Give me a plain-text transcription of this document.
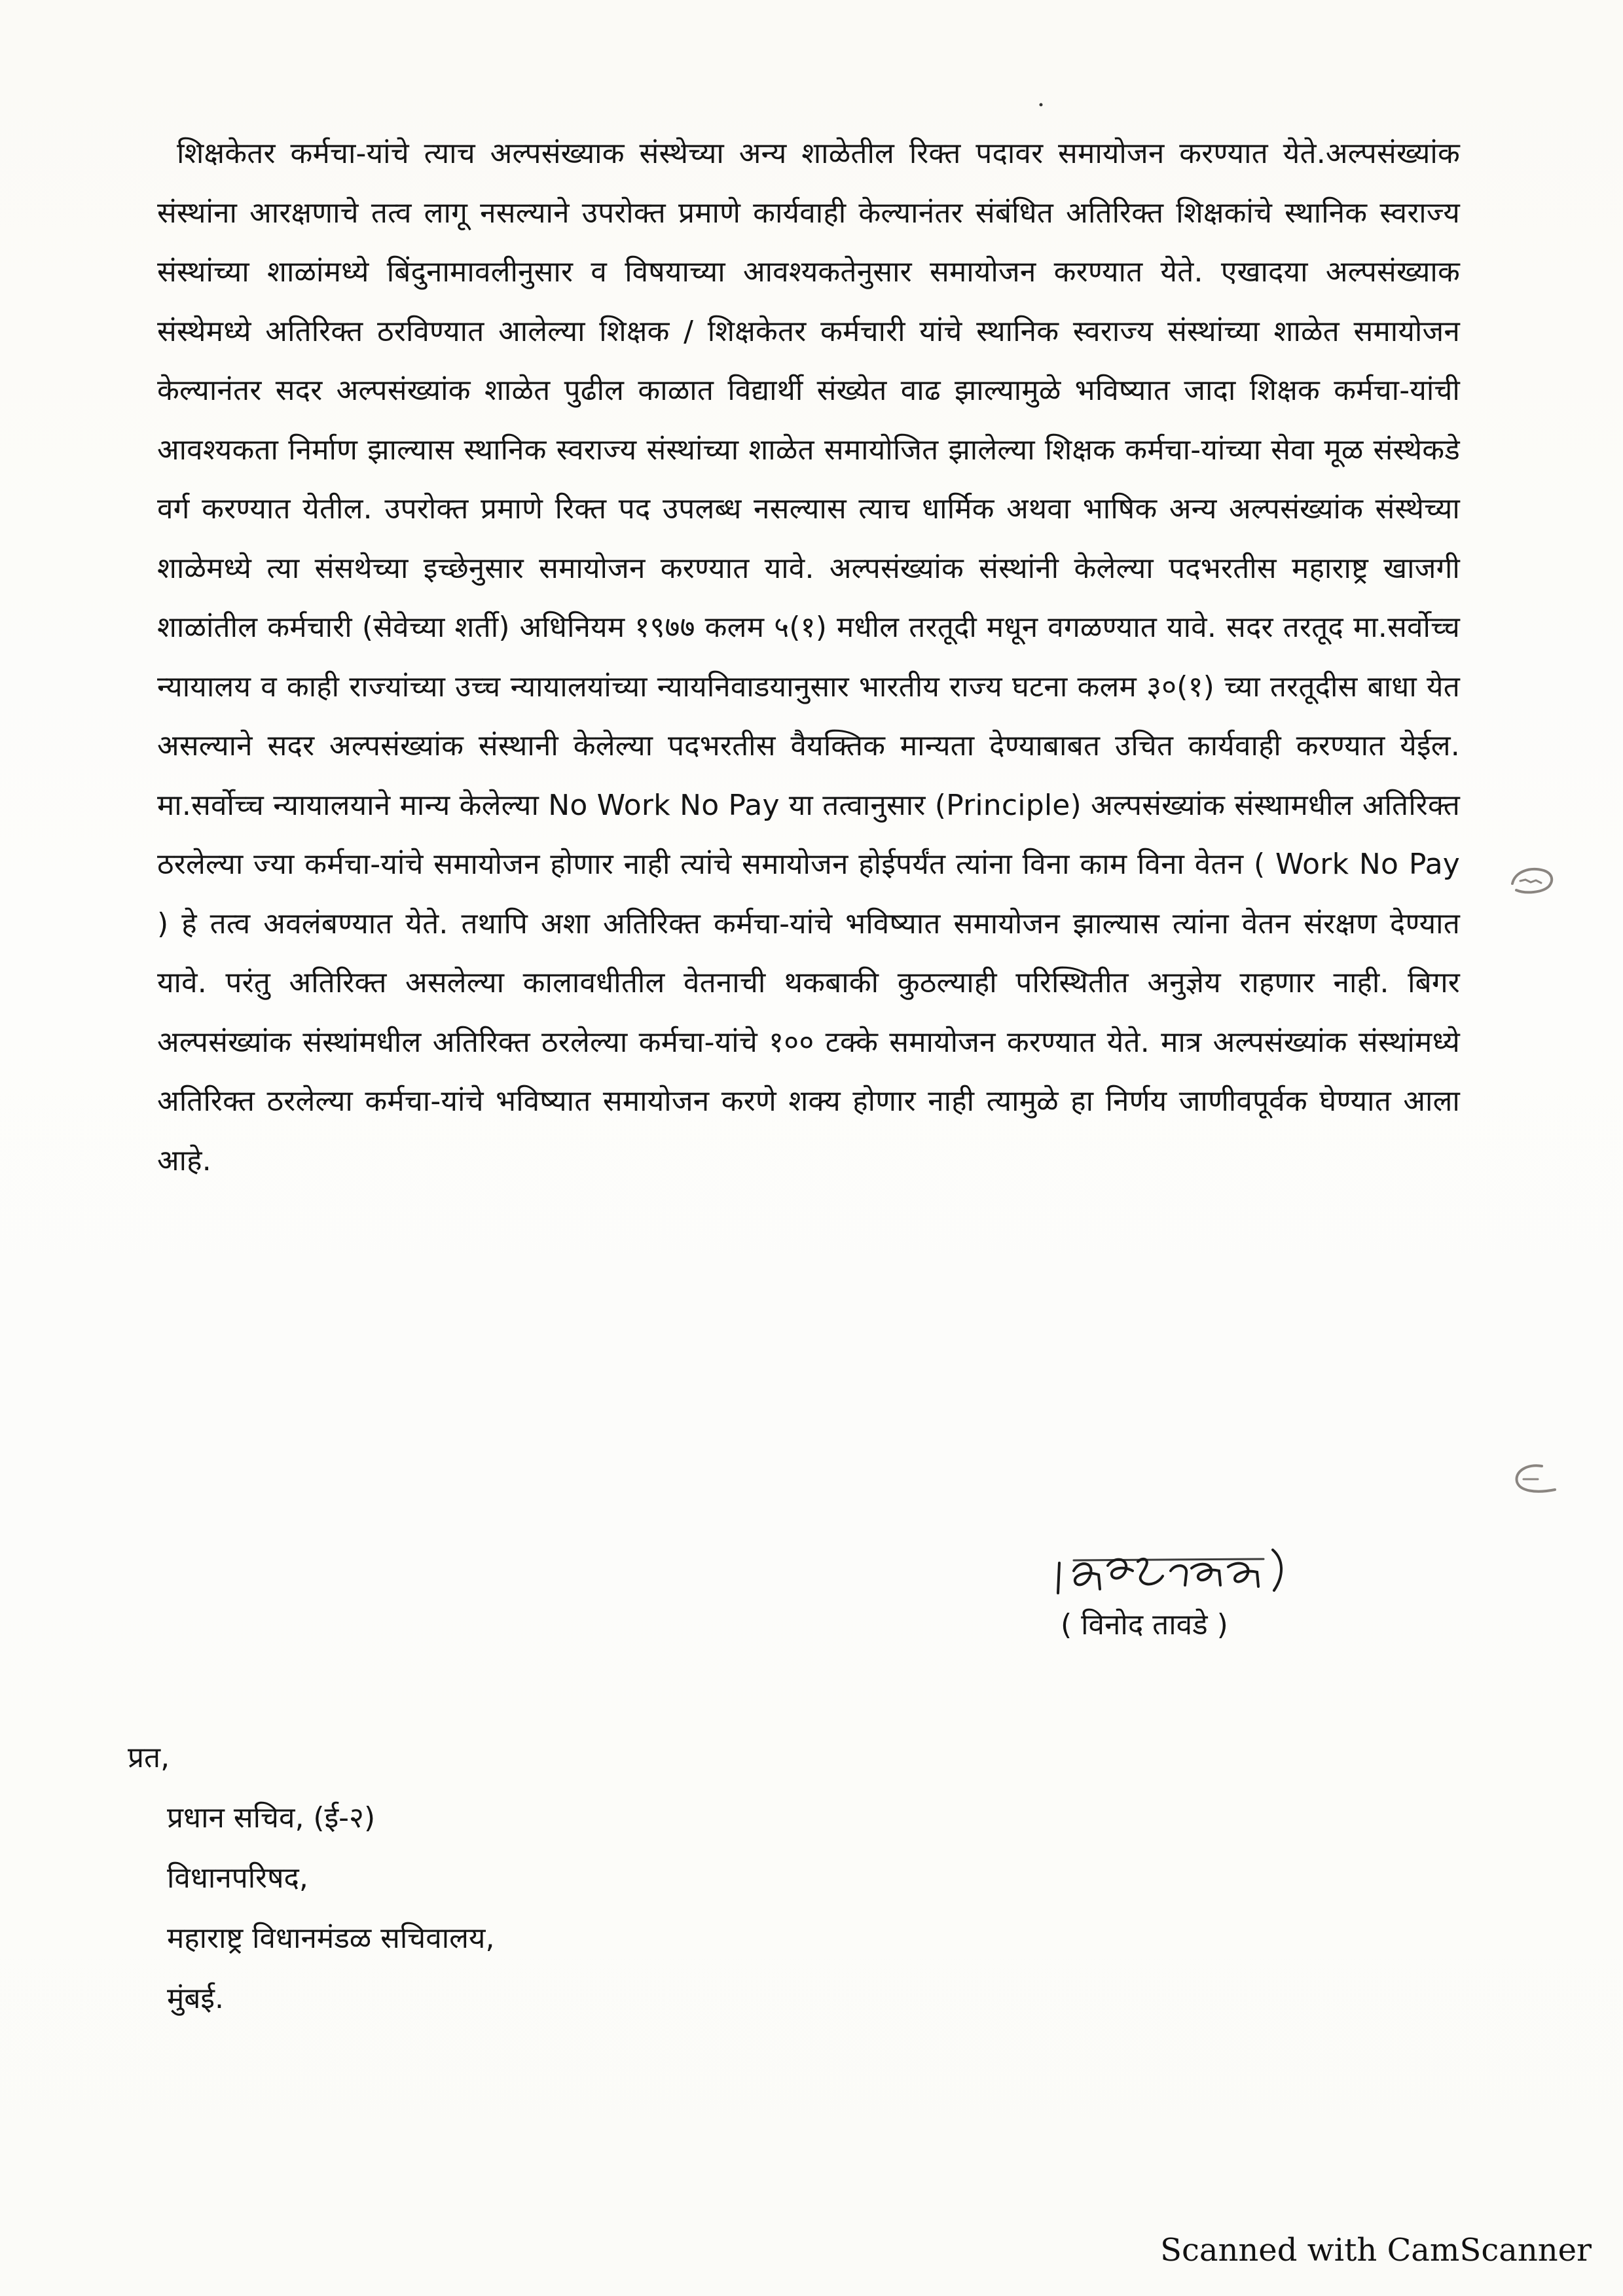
शिक्षकेतर कर्मचा-यांचे त्याच अल्पसंख्याक संस्थेच्या अन्य शाळेतील रिक्त पदावर समायोजन करण्यात येते.अल्पसंख्यांक संस्थांना आरक्षणाचे तत्व लागू नसल्याने उपरोक्त प्रमाणे कार्यवाही केल्यानंतर संबंधित अतिरिक्त शिक्षकांचे स्थानिक स्वराज्य संस्थांच्या शाळांमध्ये बिंदुनामावलीनुसार व विषयाच्या आवश्यकतेनुसार समायोजन करण्यात येते. एखादया अल्पसंख्याक संस्थेमध्ये अतिरिक्त ठरविण्यात आलेल्या शिक्षक / शिक्षकेतर कर्मचारी यांचे स्थानिक स्वराज्य संस्थांच्या शाळेत समायोजन केल्यानंतर सदर अल्पसंख्यांक शाळेत पुढील काळात विद्यार्थी संख्येत वाढ झाल्यामुळे भविष्यात जादा शिक्षक कर्मचा-यांची आवश्यकता निर्माण झाल्यास स्थानिक स्वराज्य संस्थांच्या शाळेत समायोजित झालेल्या शिक्षक कर्मचा-यांच्या सेवा मूळ संस्थेकडे वर्ग करण्यात येतील. उपरोक्त प्रमाणे रिक्त पद उपलब्ध नसल्यास त्याच धार्मिक अथवा भाषिक अन्य अल्पसंख्यांक संस्थेच्या शाळेमध्ये त्या संसथेच्या इच्छेनुसार समायोजन करण्यात यावे. अल्पसंख्यांक संस्थांनी केलेल्या पदभरतीस महाराष्ट्र खाजगी शाळांतील कर्मचारी (सेवेच्या शर्ती) अधिनियम १९७७ कलम ५(१) मधील तरतूदी मधून वगळण्यात यावे. सदर तरतूद मा.सर्वोच्च न्यायालय व काही राज्यांच्या उच्च न्यायालयांच्या न्यायनिवाडयानुसार भारतीय राज्य घटना कलम ३०(१) च्या तरतूदीस बाधा येत असल्याने सदर अल्पसंख्यांक संस्थानी केलेल्या पदभरतीस वैयक्तिक मान्यता देण्याबाबत उचित कार्यवाही करण्यात येईल. मा.सर्वोच्च न्यायालयाने मान्य केलेल्या No Work No Pay या तत्वानुसार (Principle) अल्पसंख्यांक संस्थामधील अतिरिक्त ठरलेल्या ज्या कर्मचा-यांचे समायोजन होणार नाही त्यांचे समायोजन होईपर्यंत त्यांना विना काम विना वेतन ( Work No Pay ) हे तत्व अवलंबण्यात येते. तथापि अशा अतिरिक्त कर्मचा-यांचे भविष्यात समायोजन झाल्यास त्यांना वेतन संरक्षण देण्यात यावे. परंतु अतिरिक्त असलेल्या कालावधीतील वेतनाची थकबाकी कुठल्याही परिस्थितीत अनुज्ञेय राहणार नाही. बिगर अल्पसंख्यांक संस्थांमधील अतिरिक्त ठरलेल्या कर्मचा-यांचे १०० टक्के समायोजन करण्यात येते. मात्र अल्पसंख्यांक संस्थांमध्ये अतिरिक्त ठरलेल्या कर्मचा-यांचे भविष्यात समायोजन करणे शक्य होणार नाही त्यामुळे हा निर्णय जाणीवपूर्वक घेण्यात आला आहे.

( विनोद तावडे )
प्रत,
प्रधान सचिव, (ई-२)
विधानपरिषद,
महाराष्ट्र विधानमंडळ सचिवालय,
मुंबई.
Scanned with CamScanner
